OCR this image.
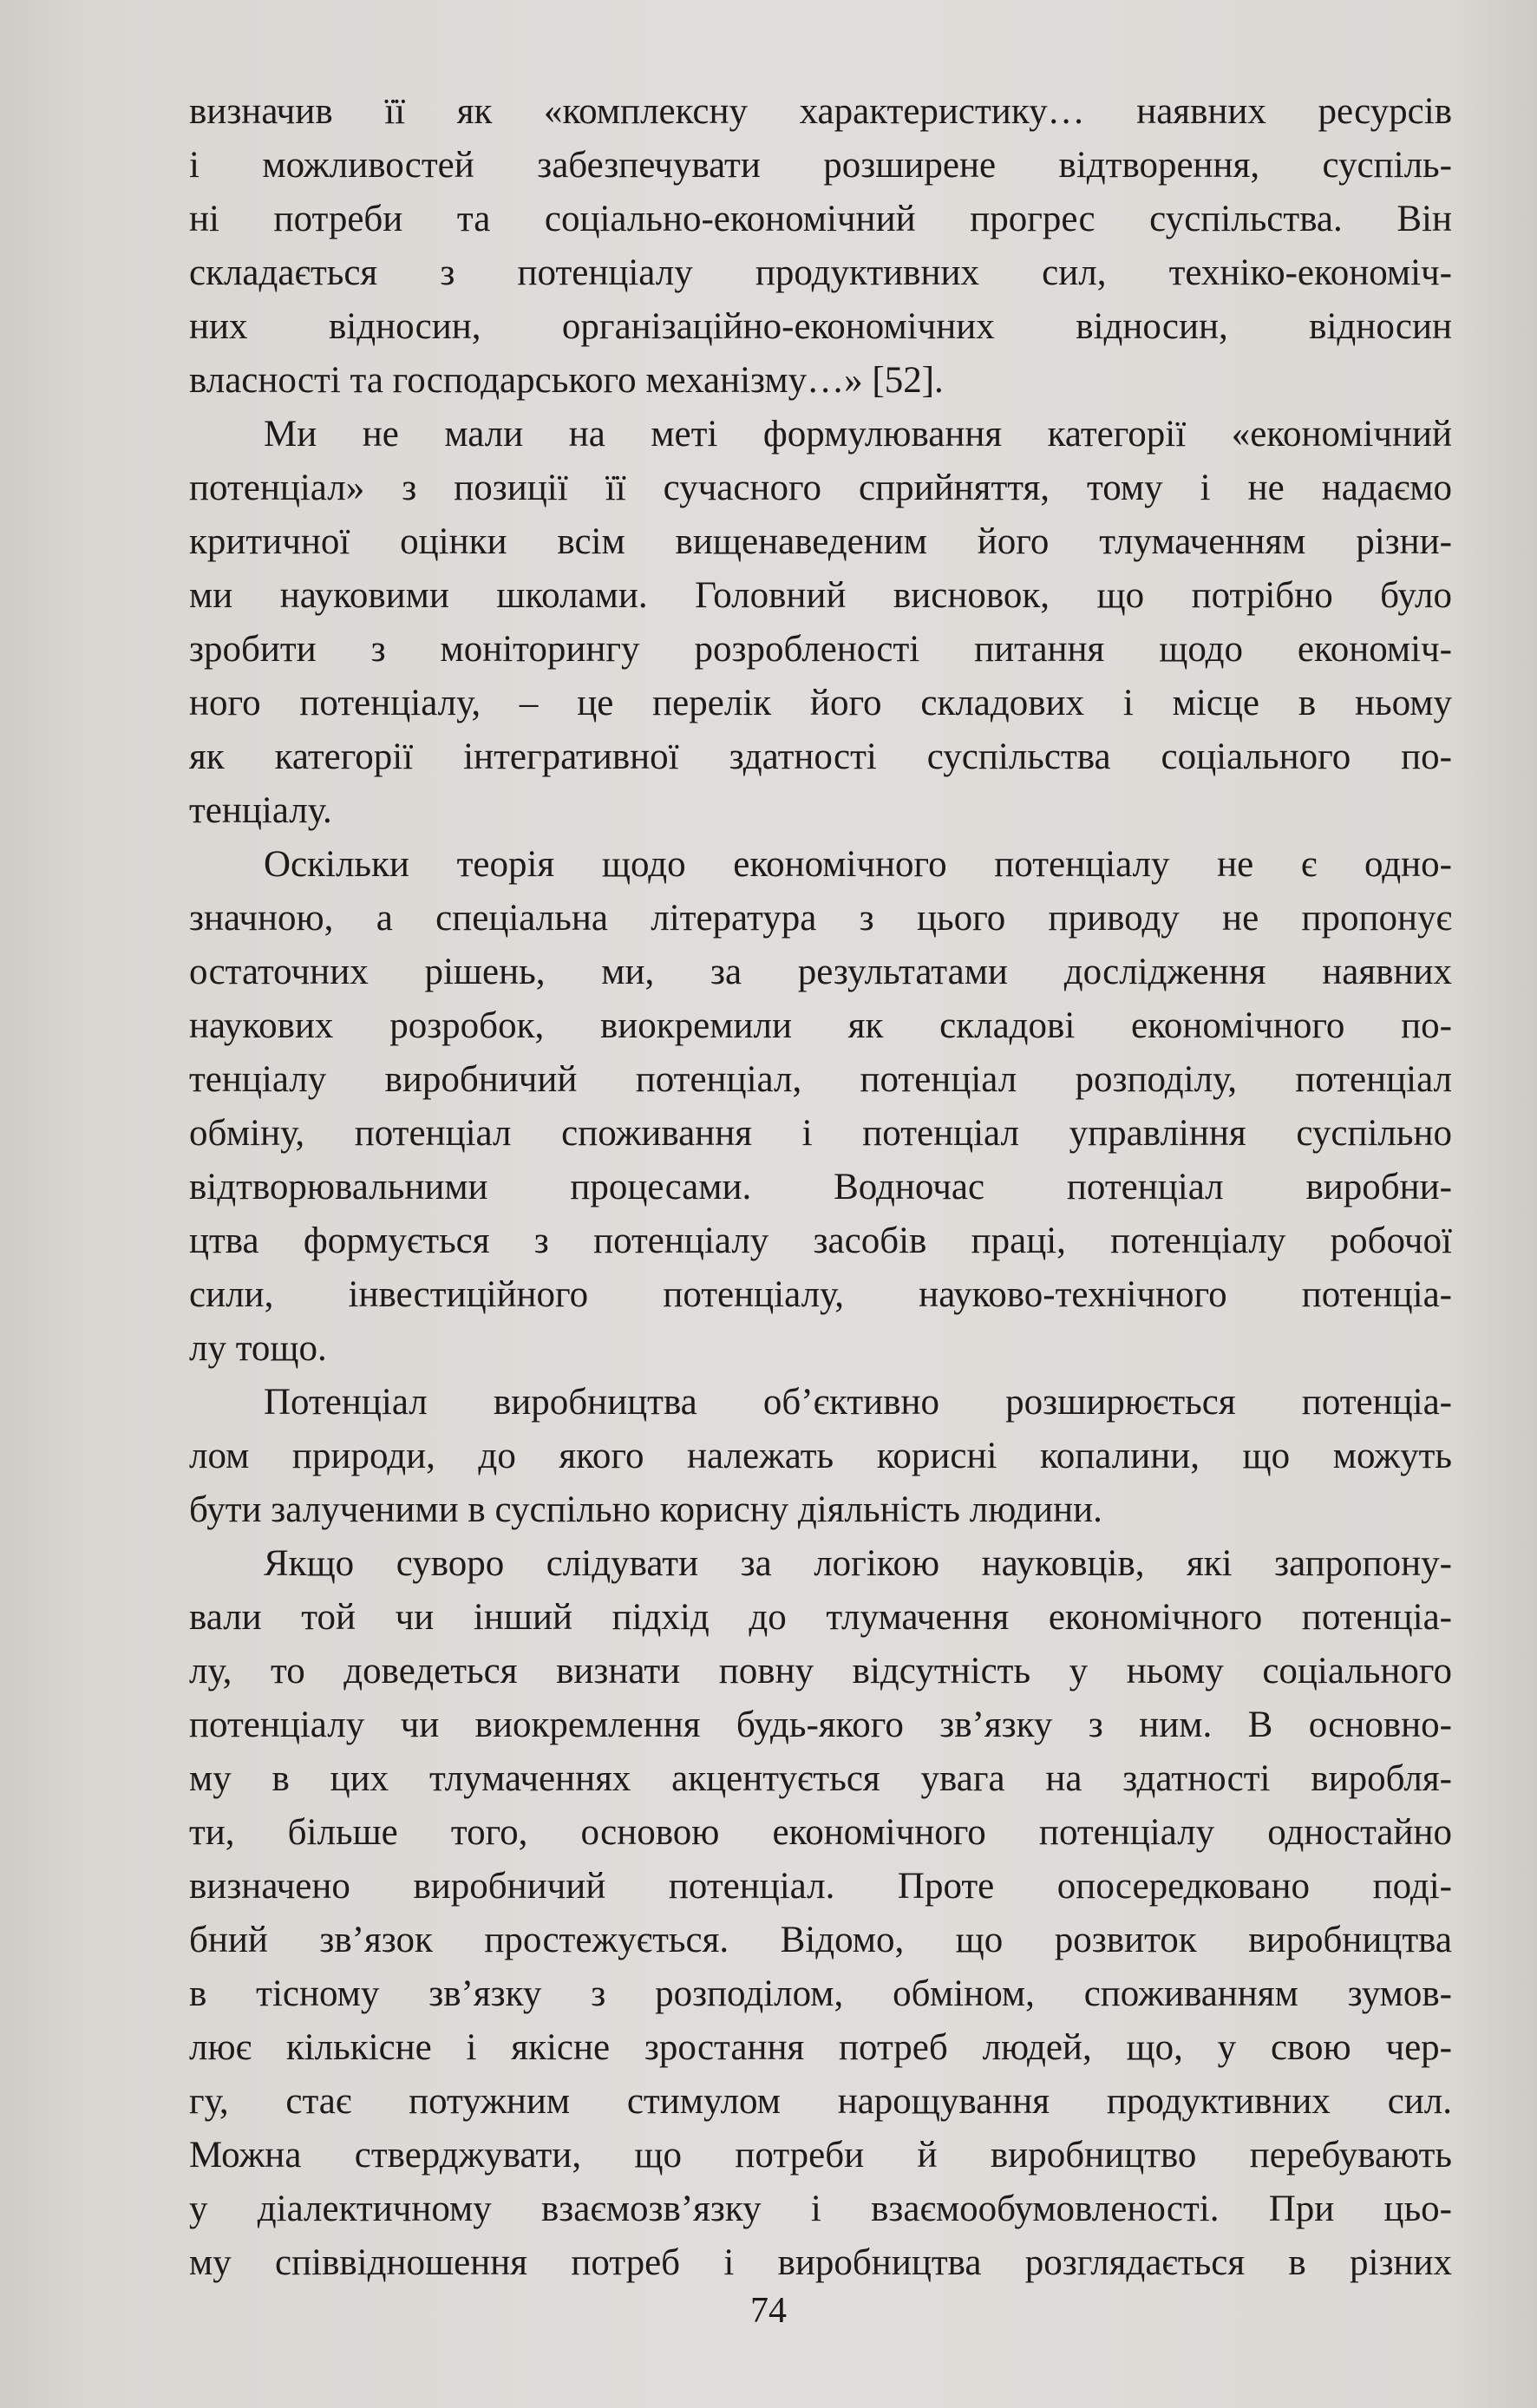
визначив її як «комплексну характеристику… наявних ресурсів
і можливостей забезпечувати розширене відтворення, суспіль-
ні потреби та соціально-економічний прогрес суспільства. Він
складається з потенціалу продуктивних сил, техніко-економіч-
них відносин, організаційно-економічних відносин, відносин
власності та господарського механізму…» [52].
Ми не мали на меті формулювання категорії «економічний
потенціал» з позиції її сучасного сприйняття, тому і не надаємо
критичної оцінки всім вищенаведеним його тлумаченням різни-
ми науковими школами. Головний висновок, що потрібно було
зробити з моніторингу розробленості питання щодо економіч-
ного потенціалу, – це перелік його складових і місце в ньому
як категорії інтегративної здатності суспільства соціального по-
тенціалу.
Оскільки теорія щодо економічного потенціалу не є одно-
значною, а спеціальна література з цього приводу не пропонує
остаточних рішень, ми, за результатами дослідження наявних
наукових розробок, виокремили як складові економічного по-
тенціалу виробничий потенціал, потенціал розподілу, потенціал
обміну, потенціал споживання і потенціал управління суспільно
відтворювальними процесами. Водночас потенціал виробни-
цтва формується з потенціалу засобів праці, потенціалу робочої
сили, інвестиційного потенціалу, науково-технічного потенціа-
лу тощо.
Потенціал виробництва об’єктивно розширюється потенціа-
лом природи, до якого належать корисні копалини, що можуть
бути залученими в суспільно корисну діяльність людини.
Якщо суворо слідувати за логікою науковців, які запропону-
вали той чи інший підхід до тлумачення економічного потенціа-
лу, то доведеться визнати повну відсутність у ньому соціального
потенціалу чи виокремлення будь-якого зв’язку з ним. В основно-
му в цих тлумаченнях акцентується увага на здатності виробля-
ти, більше того, основою економічного потенціалу одностайно
визначено виробничий потенціал. Проте опосередковано поді-
бний зв’язок простежується. Відомо, що розвиток виробництва
в тісному зв’язку з розподілом, обміном, споживанням зумов-
лює кількісне і якісне зростання потреб людей, що, у свою чер-
гу, стає потужним стимулом нарощування продуктивних сил.
Можна стверджувати, що потреби й виробництво перебувають
у діалектичному взаємозв’язку і взаємообумовленості. При цьо-
му співвідношення потреб і виробництва розглядається в різних
74
